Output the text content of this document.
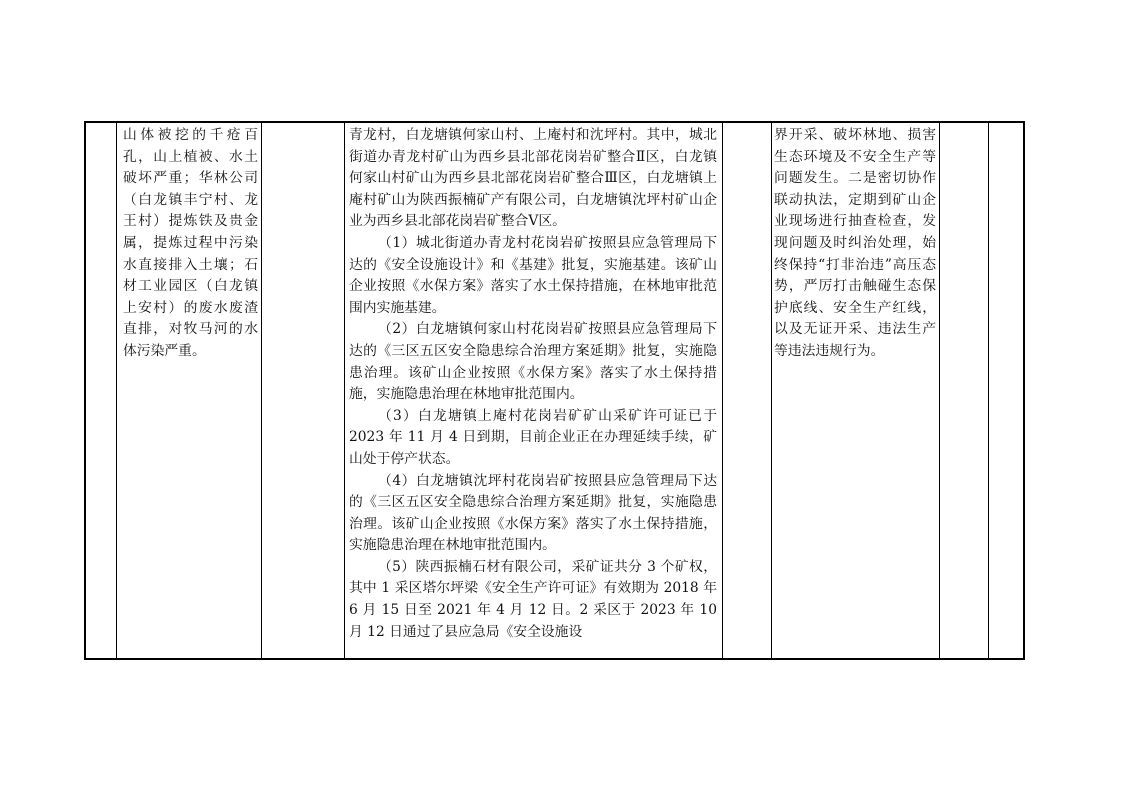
山体被挖的千疮百孔，山上植被、水土破坏严重；华林公司（白龙镇丰宁村、龙王村）提炼铁及贵金属，提炼过程中污染水直接排入土壤；石材工业园区（白龙镇上安村）的废水废渣直排，对牧马河的水体污染严重。

青龙村，白龙塘镇何家山村、上庵村和沈坪村。其中，城北街道办青龙村矿山为西乡县北部花岗岩矿整合Ⅱ区，白龙镇何家山村矿山为西乡县北部花岗岩矿整合Ⅲ区，白龙塘镇上庵村矿山为陕西振楠矿产有限公司，白龙塘镇沈坪村矿山企业为西乡县北部花岗岩矿整合Ⅴ区。

（1）城北街道办青龙村花岗岩矿按照县应急管理局下达的《安全设施设计》和《基建》批复，实施基建。该矿山企业按照《水保方案》落实了水土保持措施，在林地审批范围内实施基建。

（2）白龙塘镇何家山村花岗岩矿按照县应急管理局下达的《三区五区安全隐患综合治理方案延期》批复，实施隐患治理。该矿山企业按照《水保方案》落实了水土保持措施，实施隐患治理在林地审批范围内。

（3）白龙塘镇上庵村花岗岩矿矿山采矿许可证已于 2023 年 11 月 4 日到期，目前企业正在办理延续手续，矿山处于停产状态。

（4）白龙塘镇沈坪村花岗岩矿按照县应急管理局下达的《三区五区安全隐患综合治理方案延期》批复，实施隐患治理。该矿山企业按照《水保方案》落实了水土保持措施，实施隐患治理在林地审批范围内。

（5）陕西振楠石材有限公司，采矿证共分 3 个矿权，其中 1 采区塔尔坪梁《安全生产许可证》有效期为 2018 年 6 月 15 日至 2021 年 4 月 12 日。2 采区于 2023 年 10 月 12 日通过了县应急局《安全设施设

界开采、破坏林地、损害生态环境及不安全生产等问题发生。二是密切协作联动执法，定期到矿山企业现场进行抽查检查，发现问题及时纠治处理，始终保持“打非治违”高压态势，严厉打击触碰生态保护底线、安全生产红线，以及无证开采、违法生产等违法违规行为。
